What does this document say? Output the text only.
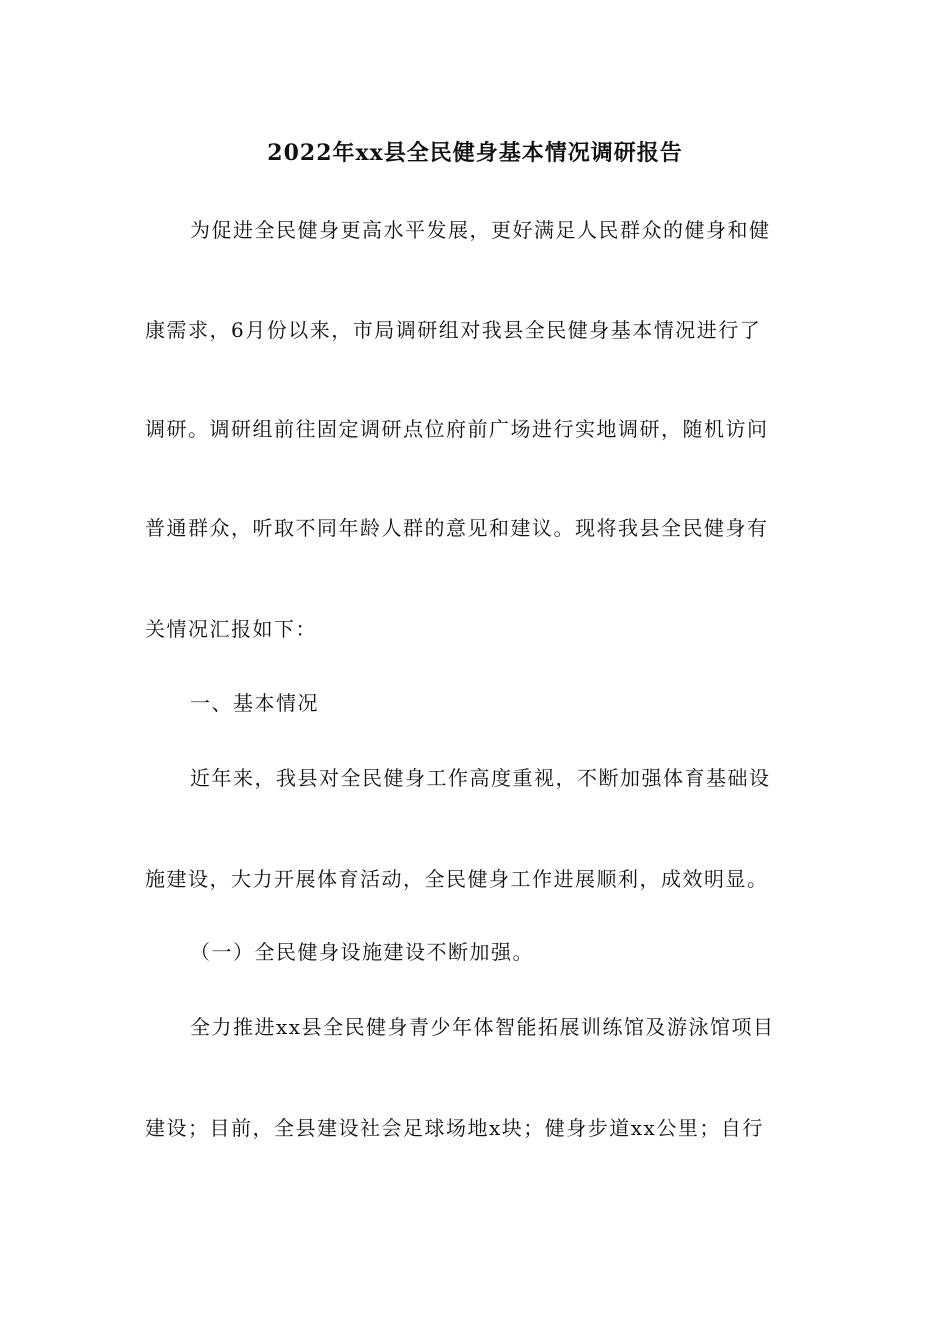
2022年xx县全民健身基本情况调研报告

为促进全民健身更高水平发展，更好满足人民群众的健身和健

康需求，6月份以来，市局调研组对我县全民健身基本情况进行了

调研。调研组前往固定调研点位府前广场进行实地调研，随机访问

普通群众，听取不同年龄人群的意见和建议。现将我县全民健身有

关情况汇报如下：

一、基本情况

近年来，我县对全民健身工作高度重视，不断加强体育基础设

施建设，大力开展体育活动，全民健身工作进展顺利，成效明显。

（一）全民健身设施建设不断加强。

全力推进xx县全民健身青少年体智能拓展训练馆及游泳馆项目

建设；目前，全县建设社会足球场地x块；健身步道xx公里；自行
